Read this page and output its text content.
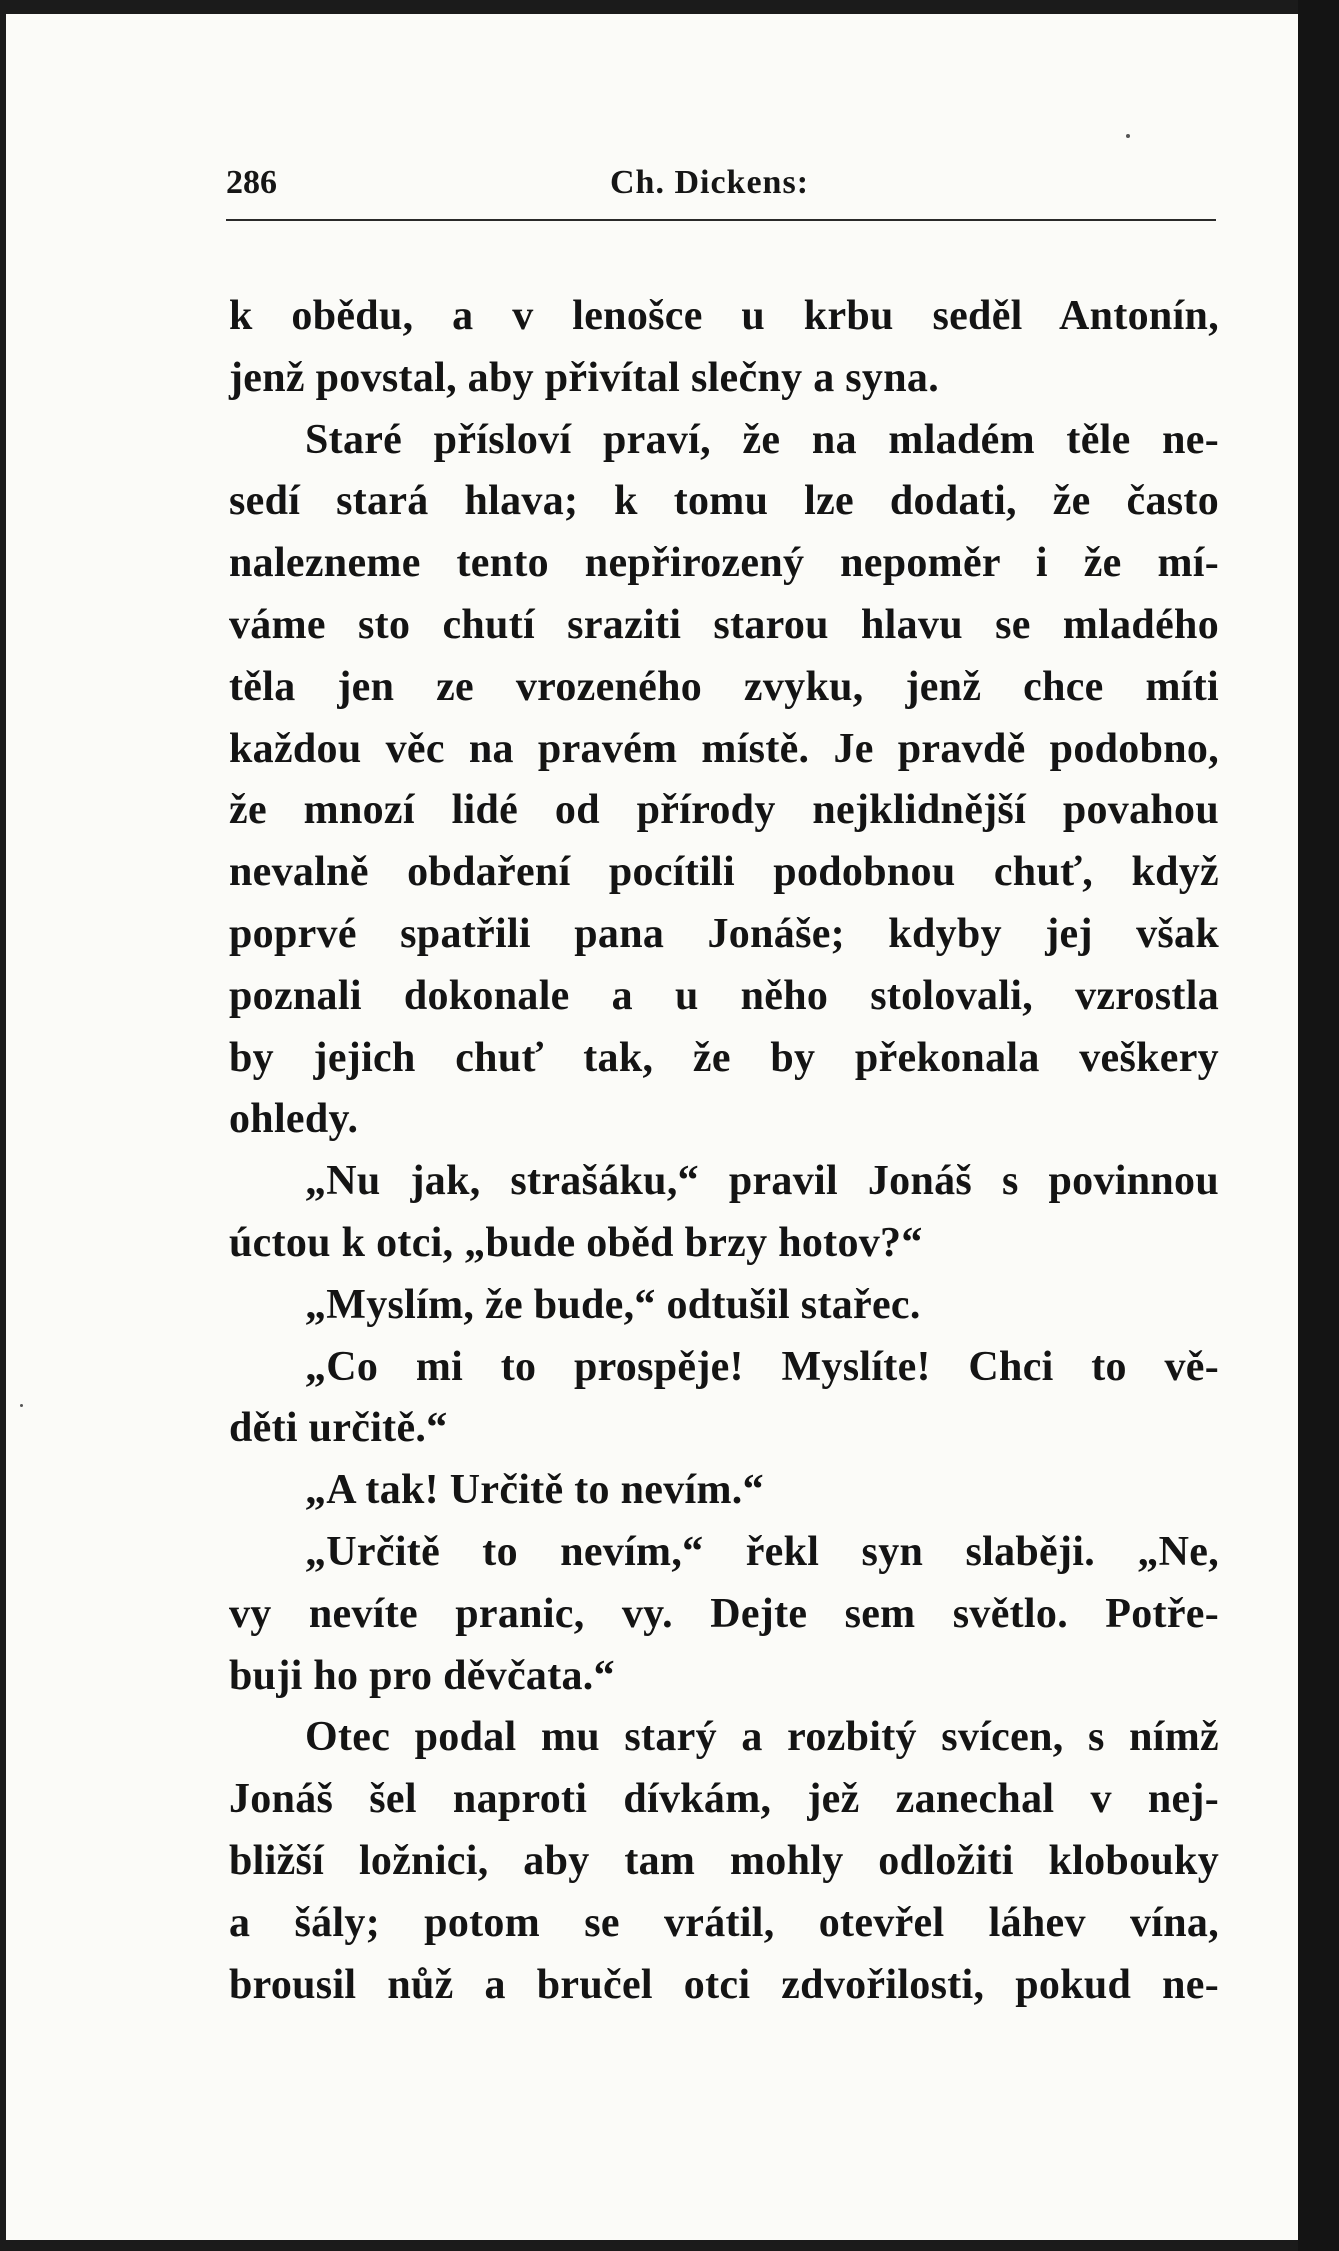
286	Ch. Dickens:
k obědu, a v lenošce u krbu seděl Antonín,
jenž povstal, aby přivítal slečny a syna.
Staré přísloví praví, že na mladém těle ne-
sedí stará hlava; k tomu lze dodati, že často
nalezneme tento nepřirozený nepoměr i že mí-
váme sto chutí sraziti starou hlavu se mladého
těla jen ze vrozeného zvyku, jenž chce míti
každou věc na pravém místě. Je pravdě podobno,
že mnozí lidé od přírody nejklidnější povahou
nevalně obdaření pocítili podobnou chuť, když
poprvé spatřili pana Jonáše; kdyby jej však
poznali dokonale a u něho stolovali, vzrostla
by jejich chuť tak, že by překonala veškery
ohledy.
„Nu jak, strašáku,“ pravil Jonáš s povinnou
úctou k otci, „bude oběd brzy hotov?“
„Myslím, že bude,“ odtušil stařec.
„Co mi to prospěje! Myslíte! Chci to vě-
děti určitě.“
„A tak! Určitě to nevím.“
„Určitě to nevím,“ řekl syn slaběji. „Ne,
vy nevíte pranic, vy. Dejte sem světlo. Potře-
buji ho pro děvčata.“
Otec podal mu starý a rozbitý svícen, s nímž
Jonáš šel naproti dívkám, jež zanechal v nej-
bližší ložnici, aby tam mohly odložiti klobouky
a šály; potom se vrátil, otevřel láhev vína,
brousil nůž a bručel otci zdvořilosti, pokud ne-
